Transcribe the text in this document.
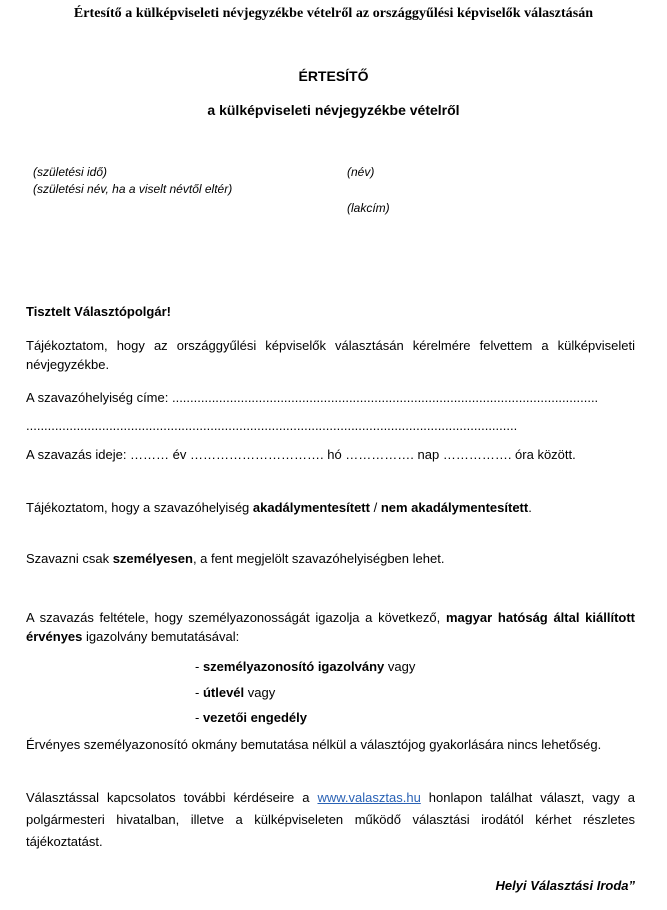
Értesítő a külképviseleti névjegyzékbe vételről az országgyűlési képviselők választásán
ÉRTESÍTŐ
a külképviseleti névjegyzékbe vételről
(születési idő)
(születési név, ha a viselt névtől eltér)
(név)
(lakcím)
Tisztelt Választópolgár!
Tájékoztatom, hogy az országgyűlési képviselők választásán kérelmére felvettem a külképviseleti névjegyzékbe.
A szavazóhelyiség címe: ......................................................................................................................
........................................................................................................................................
A szavazás ideje: ……… év …………………………. hó ……………. nap ……………. óra között.
Tájékoztatom, hogy a szavazóhelyiség akadálymentesített / nem akadálymentesített.
Szavazni csak személyesen, a fent megjelölt szavazóhelyiségben lehet.
A szavazás feltétele, hogy személyazonosságát igazolja a következő, magyar hatóság által kiállított érvényes igazolvány bemutatásával:
- személyazonosító igazolvány vagy
- útlevél vagy
- vezetői engedély
Érvényes személyazonosító okmány bemutatása nélkül a választójog gyakorlására nincs lehetőség.
Választással kapcsolatos további kérdéseire a www.valasztas.hu honlapon találhat választ, vagy a polgármesteri hivatalban, illetve a külképviseleten működő választási irodától kérhet részletes tájékoztatást.
Helyi Választási Iroda”
